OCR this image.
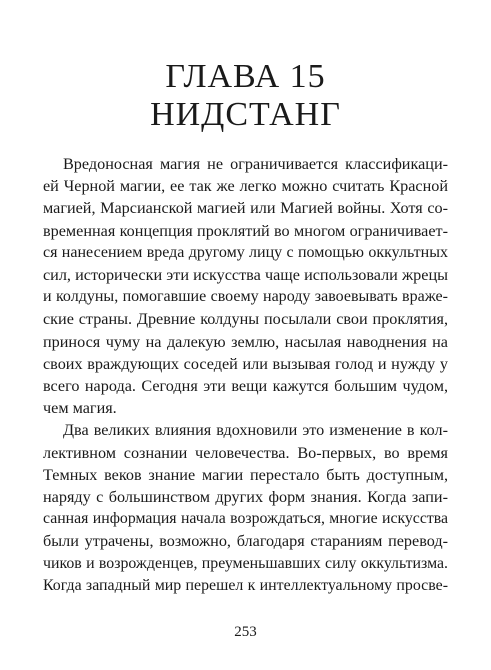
ГЛАВА 15
НИДСТАНГ

Вредоносная магия не ограничивается классификаци-
ей Черной магии, ее так же легко можно считать Красной
магией, Марсианской магией или Магией войны. Хотя со-
временная концепция проклятий во многом ограничивает-
ся нанесением вреда другому лицу с помощью оккультных
сил, исторически эти искусства чаще использовали жрецы
и колдуны, помогавшие своему народу завоевывать враже-
ские страны. Древние колдуны посылали свои проклятия,
принося чуму на далекую землю, насылая наводнения на
своих враждующих соседей или вызывая голод и нужду у
всего народа. Сегодня эти вещи кажутся большим чудом,
чем магия.

Два великих влияния вдохновили это изменение в кол-
лективном сознании человечества. Во-первых, во время
Темных веков знание магии перестало быть доступным,
наряду с большинством других форм знания. Когда запи-
санная информация начала возрождаться, многие искусства
были утрачены, возможно, благодаря стараниям перевод-
чиков и возрожденцев, преуменьшавших силу оккультизма.
Когда западный мир перешел к интеллектуальному просве-

253
